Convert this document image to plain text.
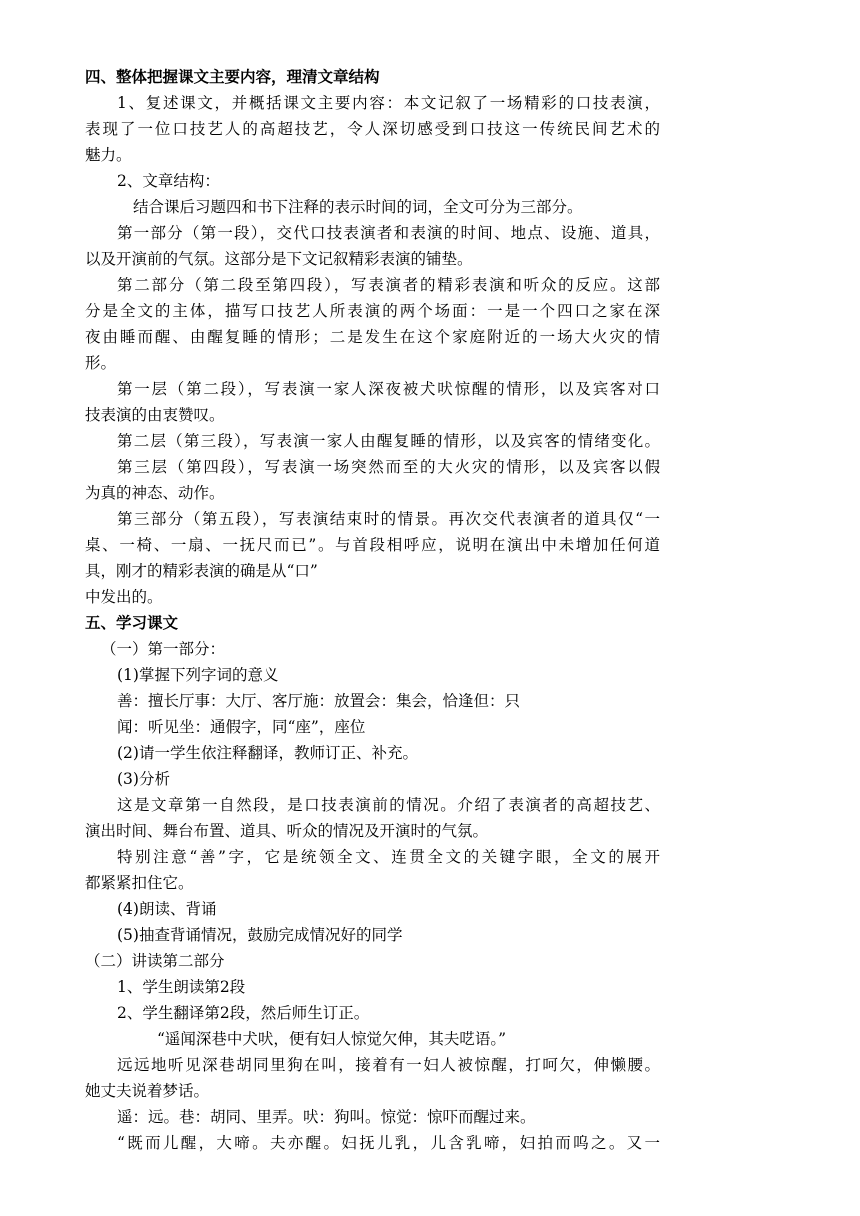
四、整体把握课文主要内容，理清文章结构

1、复述课文，并概括课文主要内容：本文记叙了一场精彩的口技表演，

表现了一位口技艺人的高超技艺，令人深切感受到口技这一传统民间艺术的

魅力。

2、文章结构：

结合课后习题四和书下注释的表示时间的词，全文可分为三部分。

第一部分（第一段），交代口技表演者和表演的时间、地点、设施、道具，

以及开演前的气氛。这部分是下文记叙精彩表演的铺垫。

第二部分（第二段至第四段），写表演者的精彩表演和听众的反应。这部

分是全文的主体，描写口技艺人所表演的两个场面：一是一个四口之家在深

夜由睡而醒、由醒复睡的情形；二是发生在这个家庭附近的一场大火灾的情

形。

第一层（第二段），写表演一家人深夜被犬吠惊醒的情形，以及宾客对口

技表演的由衷赞叹。

第二层（第三段），写表演一家人由醒复睡的情形，以及宾客的情绪变化。

第三层（第四段），写表演一场突然而至的大火灾的情形，以及宾客以假

为真的神态、动作。

第三部分（第五段），写表演结束时的情景。再次交代表演者的道具仅“一

桌、一椅、一扇、一抚尺而已”。与首段相呼应，说明在演出中未增加任何道

具，刚才的精彩表演的确是从“口”

中发出的。

五、学习课文

（一）第一部分：

(1)掌握下列字词的意义

善：擅长厅事：大厅、客厅施：放置会：集会，恰逢但：只

闻：听见坐：通假字，同“座”，座位

(2)请一学生依注释翻译，教师订正、补充。

(3)分析

这是文章第一自然段，是口技表演前的情况。介绍了表演者的高超技艺、

演出时间、舞台布置、道具、听众的情况及开演时的气氛。

特别注意“善”字，它是统领全文、连贯全文的关键字眼，全文的展开

都紧紧扣住它。

(4)朗读、背诵

(5)抽查背诵情况，鼓励完成情况好的同学

（二）讲读第二部分

1、学生朗读第2段

2、学生翻译第2段，然后师生订正。

“遥闻深巷中犬吠，便有妇人惊觉欠伸，其夫呓语。”

远远地听见深巷胡同里狗在叫，接着有一妇人被惊醒，打呵欠，伸懒腰。

她丈夫说着梦话。

遥：远。巷：胡同、里弄。吠：狗叫。惊觉：惊吓而醒过来。

“既而儿醒，大啼。夫亦醒。妇抚儿乳，儿含乳啼，妇拍而呜之。又一
